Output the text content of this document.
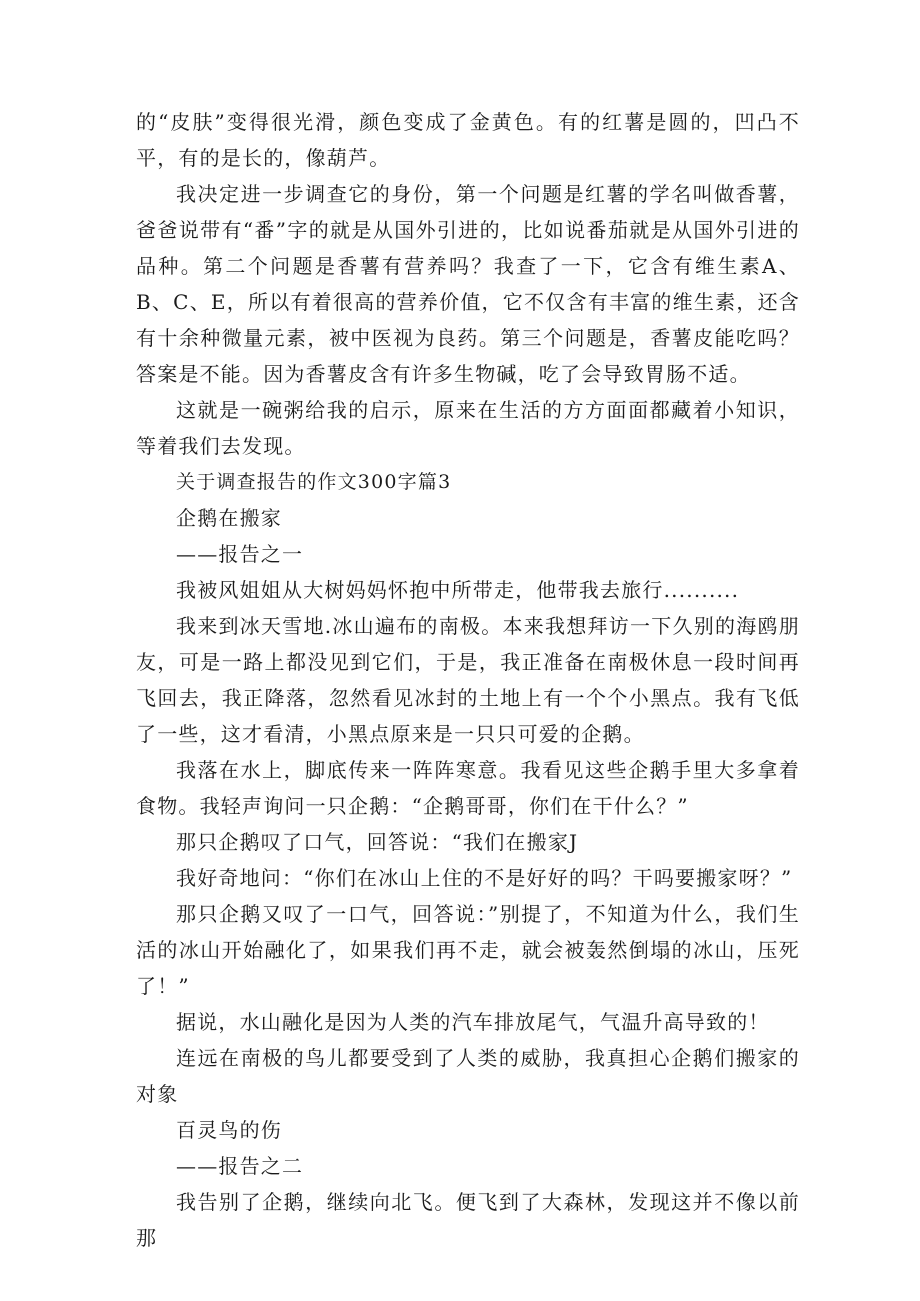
的“皮肤”变得很光滑，颜色变成了金黄色。有的红薯是圆的，凹凸不平，有的是长的，像葫芦。

我决定进一步调查它的身份，第一个问题是红薯的学名叫做香薯，爸爸说带有“番”字的就是从国外引进的，比如说番茄就是从国外引进的品种。第二个问题是香薯有营养吗？我查了一下，它含有维生素A、B、C、E，所以有着很高的营养价值，它不仅含有丰富的维生素，还含有十余种微量元素，被中医视为良药。第三个问题是，香薯皮能吃吗？答案是不能。因为香薯皮含有许多生物碱，吃了会导致胃肠不适。

这就是一碗粥给我的启示，原来在生活的方方面面都藏着小知识，等着我们去发现。

关于调查报告的作文300字篇3

企鹅在搬家

——报告之一

我被风姐姐从大树妈妈怀抱中所带走，他带我去旅行..........

我来到冰天雪地.冰山遍布的南极。本来我想拜访一下久别的海鸥朋友，可是一路上都没见到它们，于是，我正准备在南极休息一段时间再飞回去，我正降落，忽然看见冰封的土地上有一个个小黑点。我有飞低了一些，这才看清，小黑点原来是一只只可爱的企鹅。

我落在水上，脚底传来一阵阵寒意。我看见这些企鹅手里大多拿着食物。我轻声询问一只企鹅：“企鹅哥哥，你们在干什么？”

那只企鹅叹了口气，回答说：“我们在搬家J

我好奇地问：“你们在冰山上住的不是好好的吗？干吗要搬家呀？”

那只企鹅又叹了一口气，回答说：”别提了，不知道为什么，我们生活的冰山开始融化了，如果我们再不走，就会被轰然倒塌的冰山，压死了！”

据说，水山融化是因为人类的汽车排放尾气，气温升高导致的！

连远在南极的鸟儿都要受到了人类的威胁，我真担心企鹅们搬家的对象

百灵鸟的伤

——报告之二

我告别了企鹅，继续向北飞。便飞到了大森林，发现这并不像以前那
